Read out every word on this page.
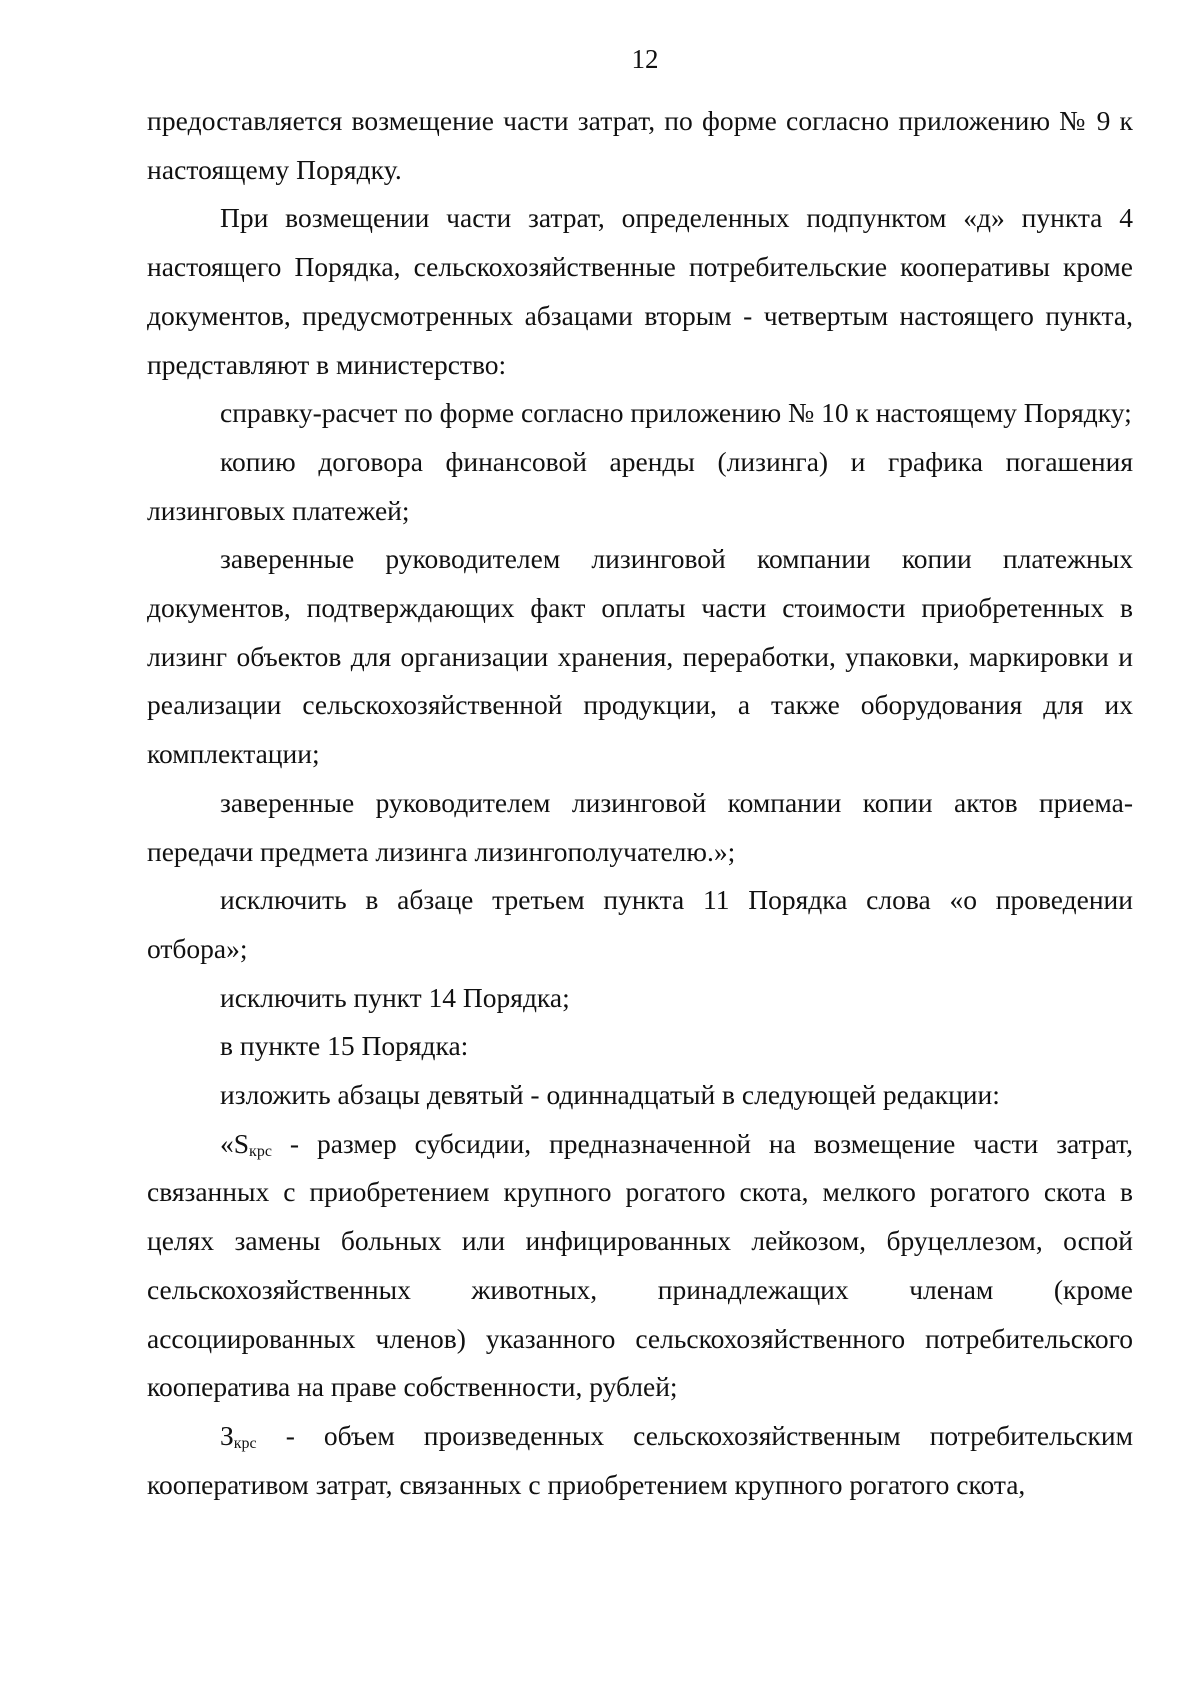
12

предоставляется возмещение части затрат, по форме согласно приложению № 9 к настоящему Порядку.

При возмещении части затрат, определенных подпунктом «д» пункта 4 настоящего Порядка, сельскохозяйственные потребительские кооперативы кроме документов, предусмотренных абзацами вторым - четвертым настоящего пункта, представляют в министерство:

справку-расчет по форме согласно приложению № 10 к настоящему Порядку;

копию договора финансовой аренды (лизинга) и графика погашения лизинговых платежей;

заверенные руководителем лизинговой компании копии платежных документов, подтверждающих факт оплаты части стоимости приобретенных в лизинг объектов для организации хранения, переработки, упаковки, маркировки и реализации сельскохозяйственной продукции, а также оборудования для их комплектации;

заверенные руководителем лизинговой компании копии актов приема-передачи предмета лизинга лизингополучателю.»;

исключить в абзаце третьем пункта 11 Порядка слова «о проведении отбора»;

исключить пункт 14 Порядка;

в пункте 15 Порядка:

изложить абзацы девятый - одиннадцатый в следующей редакции:

«$S_{крс}$ - размер субсидии, предназначенной на возмещение части затрат, связанных с приобретением крупного рогатого скота, мелкого рогатого скота в целях замены больных или инфицированных лейкозом, бруцеллезом, оспой сельскохозяйственных животных, принадлежащих членам (кроме ассоциированных членов) указанного сельскохозяйственного потребительского кооператива на праве собственности, рублей;

$З_{крс}$ - объем произведенных сельскохозяйственным потребительским кооперативом затрат, связанных с приобретением крупного рогатого скота,
